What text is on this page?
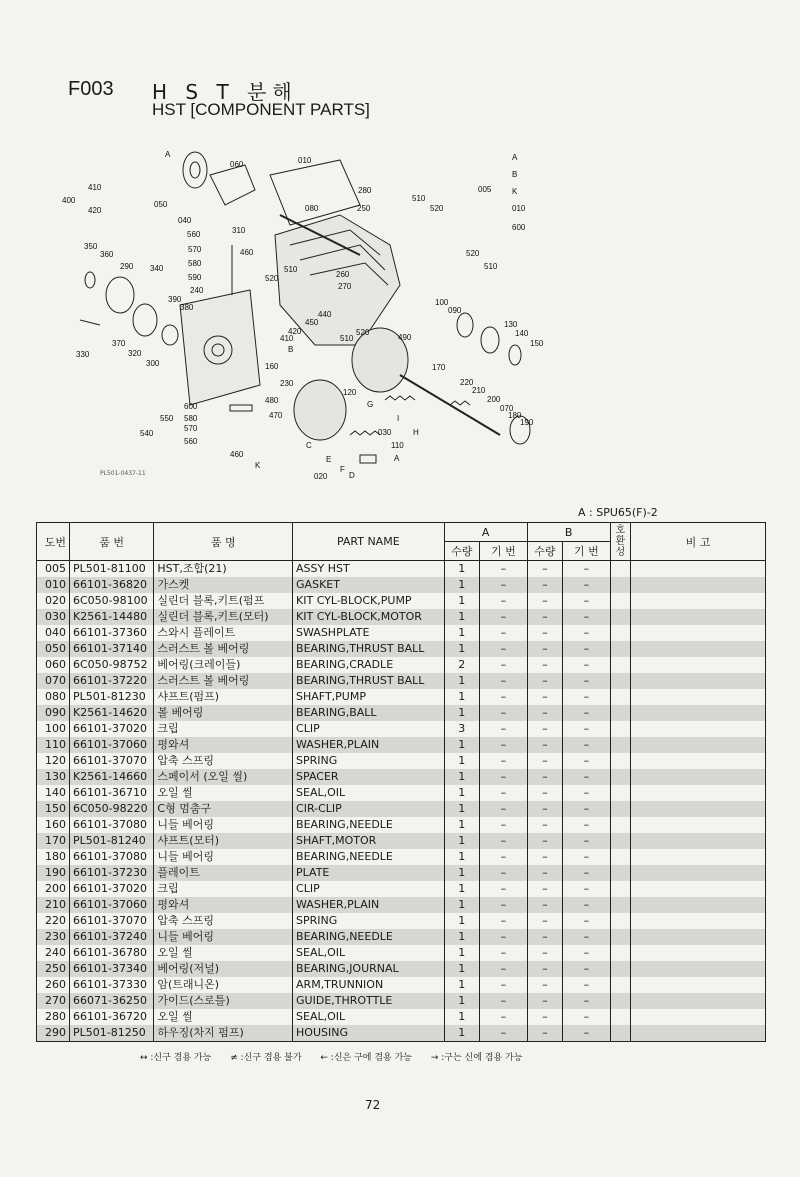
F003 H S T 분해
HST [COMPONENT PARTS]
A
060	010
280
510
005
A
B
K
010
600
410
400
420
050
040
250	520
560	310
080
570	460
580
590
350
360
290 340
240
390
380
520
510
260
270
520
510
100
090
130
140
150
440
450
420
410
B
510
520
490
330
370
320
300	160
230
170
220
210
200
070
180
190
600
550 580
570
540
560
480
470
120
G
030
I
H
460
K
110
C
E
F
D
A
020
PL501-0437-11
A : SPU65(F)-2
도번	품 번	품 명	PART NAME	A		B		호환성	비 고
				수량	기 번	수량	기 번		
005	PL501-81100	HST,조합(21)	ASSY HST	1	–	–	–		
010	66101-36820	가스켓	GASKET	1	–	–	–		
020	6C050-98100	실린더 블록,키트(펌프	KIT CYL-BLOCK,PUMP	1	–	–	–		
030	K2561-14480	실린더 블록,키트(모터)	KIT CYL-BLOCK,MOTOR	1	–	–	–		
040	66101-37360	스와시 플레이트	SWASHPLATE	1	–	–	–		
050	66101-37140	스러스트 볼 베어링	BEARING,THRUST BALL	1	–	–	–		
060	6C050-98752	베어링(크레이들)	BEARING,CRADLE	2	–	–	–		
070	66101-37220	스러스트 볼 베어링	BEARING,THRUST BALL	1	–	–	–		
080	PL501-81230	샤프트(펌프)	SHAFT,PUMP	1	–	–	–		
090	K2561-14620	볼 베어링	BEARING,BALL	1	–	–	–		
100	66101-37020	크립	CLIP	3	–	–	–		
110	66101-37060	평와셔	WASHER,PLAIN	1	–	–	–		
120	66101-37070	압축 스프링	SPRING	1	–	–	–		
130	K2561-14660	스페이서 (오일 씰)	SPACER	1	–	–	–		
140	66101-36710	오일 씰	SEAL,OIL	1	–	–	–		
150	6C050-98220	C형 멈춤구	CIR-CLIP	1	–	–	–		
160	66101-37080	니들 베어링	BEARING,NEEDLE	1	–	–	–		
170	PL501-81240	샤프트(모터)	SHAFT,MOTOR	1	–	–	–		
180	66101-37080	니들 베어링	BEARING,NEEDLE	1	–	–	–		
190	66101-37230	플레이트	PLATE	1	–	–	–		
200	66101-37020	크립	CLIP	1	–	–	–		
210	66101-37060	평와셔	WASHER,PLAIN	1	–	–	–		
220	66101-37070	압축 스프링	SPRING	1	–	–	–		
230	66101-37240	니들 베어링	BEARING,NEEDLE	1	–	–	–		
240	66101-36780	오일 씰	SEAL,OIL	1	–	–	–		
250	66101-37340	베어링(저널)	BEARING,JOURNAL	1	–	–	–		
260	66101-37330	암(트래니온)	ARM,TRUNNION	1	–	–	–		
270	66071-36250	가이드(스로틀)	GUIDE,THROTTLE	1	–	–	–		
280	66101-36720	오일 씰	SEAL,OIL	1	–	–	–		
290	PL501-81250	하우징(차지 펌프)	HOUSING	1	–	–	–		
↔ :신구 겸용 가능 ≠ :신구 겸용 불가 ← :신은 구에 겸용 가능 → :구는 신에 겸용 가능
72
